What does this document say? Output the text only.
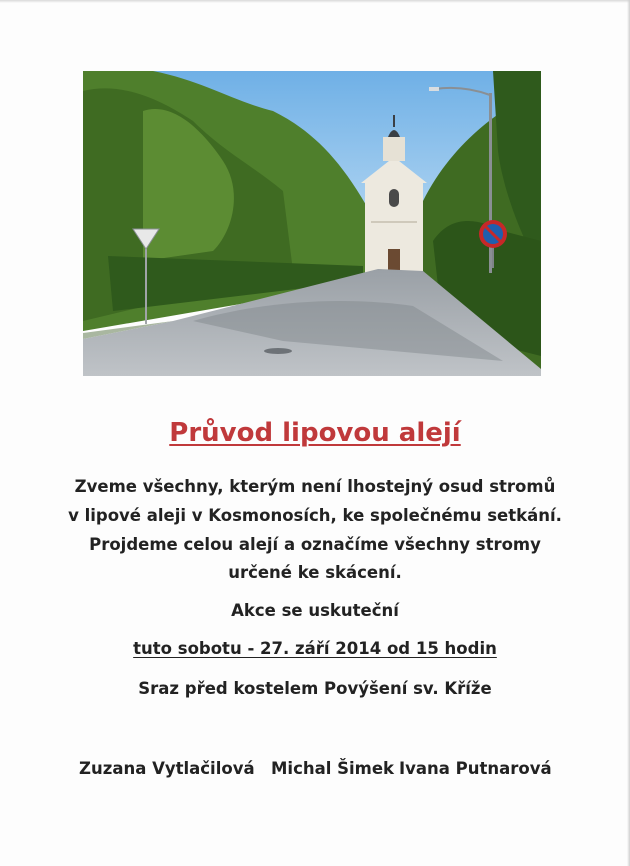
Průvod lipovou alejí
Zveme všechny, kterým není lhostejný osud stromů
v lipové aleji v Kosmonosích, ke společnému setkání.
Projdeme celou alejí a označíme všechny stromy
určené ke skácení.
Akce se uskuteční
tuto sobotu - 27. září 2014 od 15 hodin
Sraz před kostelem Povýšení sv. Kříže
Zuzana Vytlačilová Michal Šimek Ivana Putnarová
